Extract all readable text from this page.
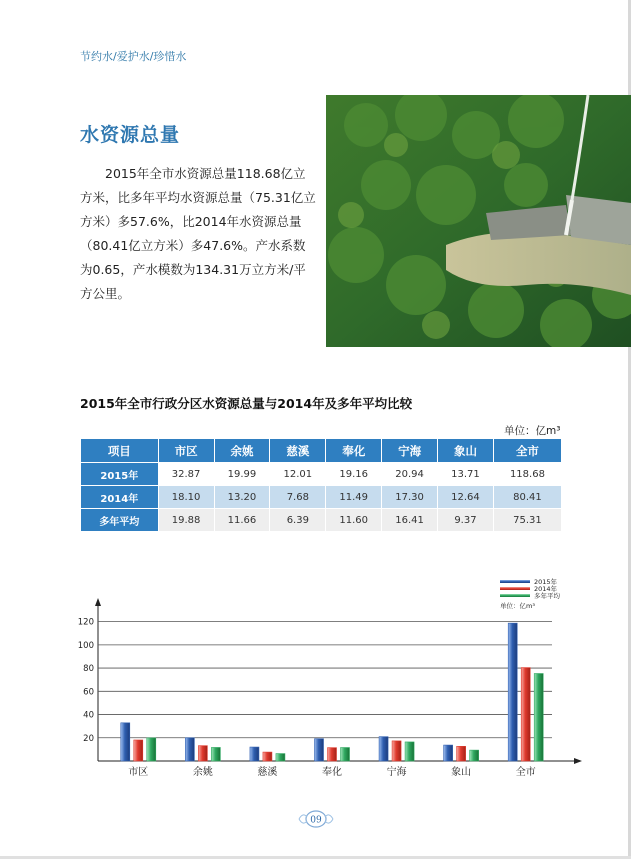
节约水/爱护水/珍惜水
水资源总量
2015年全市水资源总量118.68亿立方米，比多年平均水资源总量（75.31亿立方米）多57.6%，比2014年水资源总量（80.41亿立方米）多47.6%。产水系数为0.65，产水模数为134.31万立方米/平方公里。
2015年全市行政分区水资源总量与2014年及多年平均比较
单位：亿m³
项目	市区	余姚	慈溪	奉化	宁海	象山	全市
2015年	32.87	19.99	12.01	19.16	20.94	13.71	118.68
2014年	18.10	13.20	7.68	11.49	17.30	12.64	80.41
多年平均	19.88	11.66	6.39	11.60	16.41	9.37	75.31
2015年
2014年
多年平均
单位：亿m³
20
40
60
80
100
120
市区	余姚	慈溪	奉化	宁海	象山	全市
09
